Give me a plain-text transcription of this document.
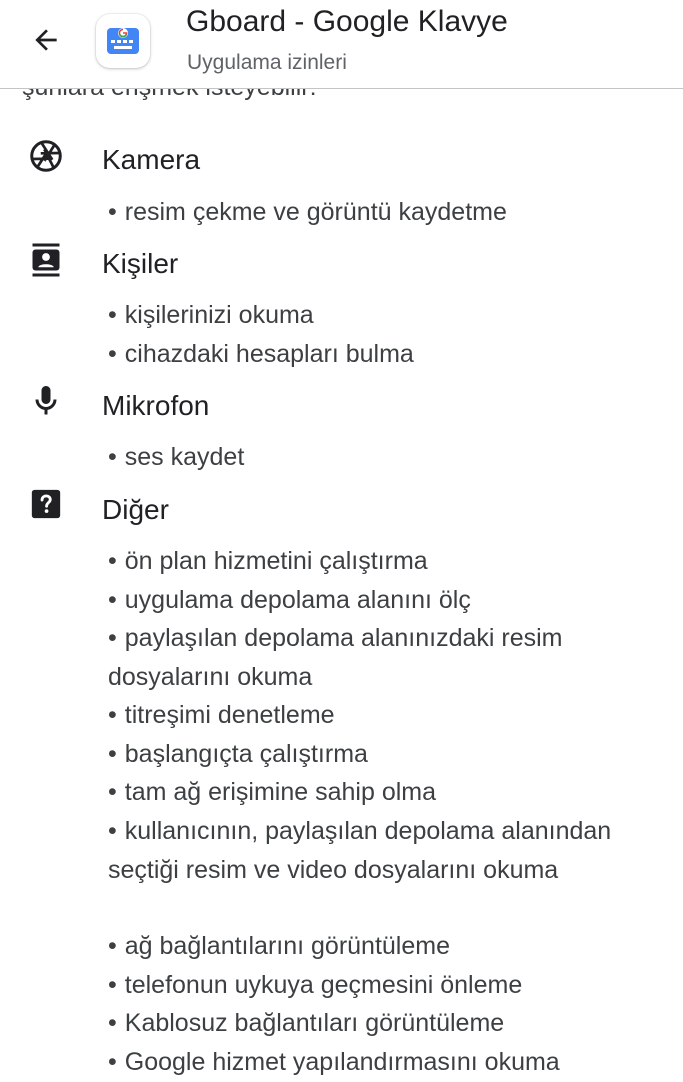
Gboard - Google Klavye
Uygulama izinleri
Kamera
• resim çekme ve görüntü kaydetme
Kişiler
• kişilerinizi okuma
• cihazdaki hesapları bulma
Mikrofon
• ses kaydet
Diğer
• ön plan hizmetini çalıştırma
• uygulama depolama alanını ölç
• paylaşılan depolama alanınızdaki resim dosyalarını okuma
• titreşimi denetleme
• başlangıçta çalıştırma
• tam ağ erişimine sahip olma
• kullanıcının, paylaşılan depolama alanından seçtiği resim ve video dosyalarını okuma
• ağ bağlantılarını görüntüleme
• telefonun uykuya geçmesini önleme
• Kablosuz bağlantıları görüntüleme
• Google hizmet yapılandırmasını okuma
